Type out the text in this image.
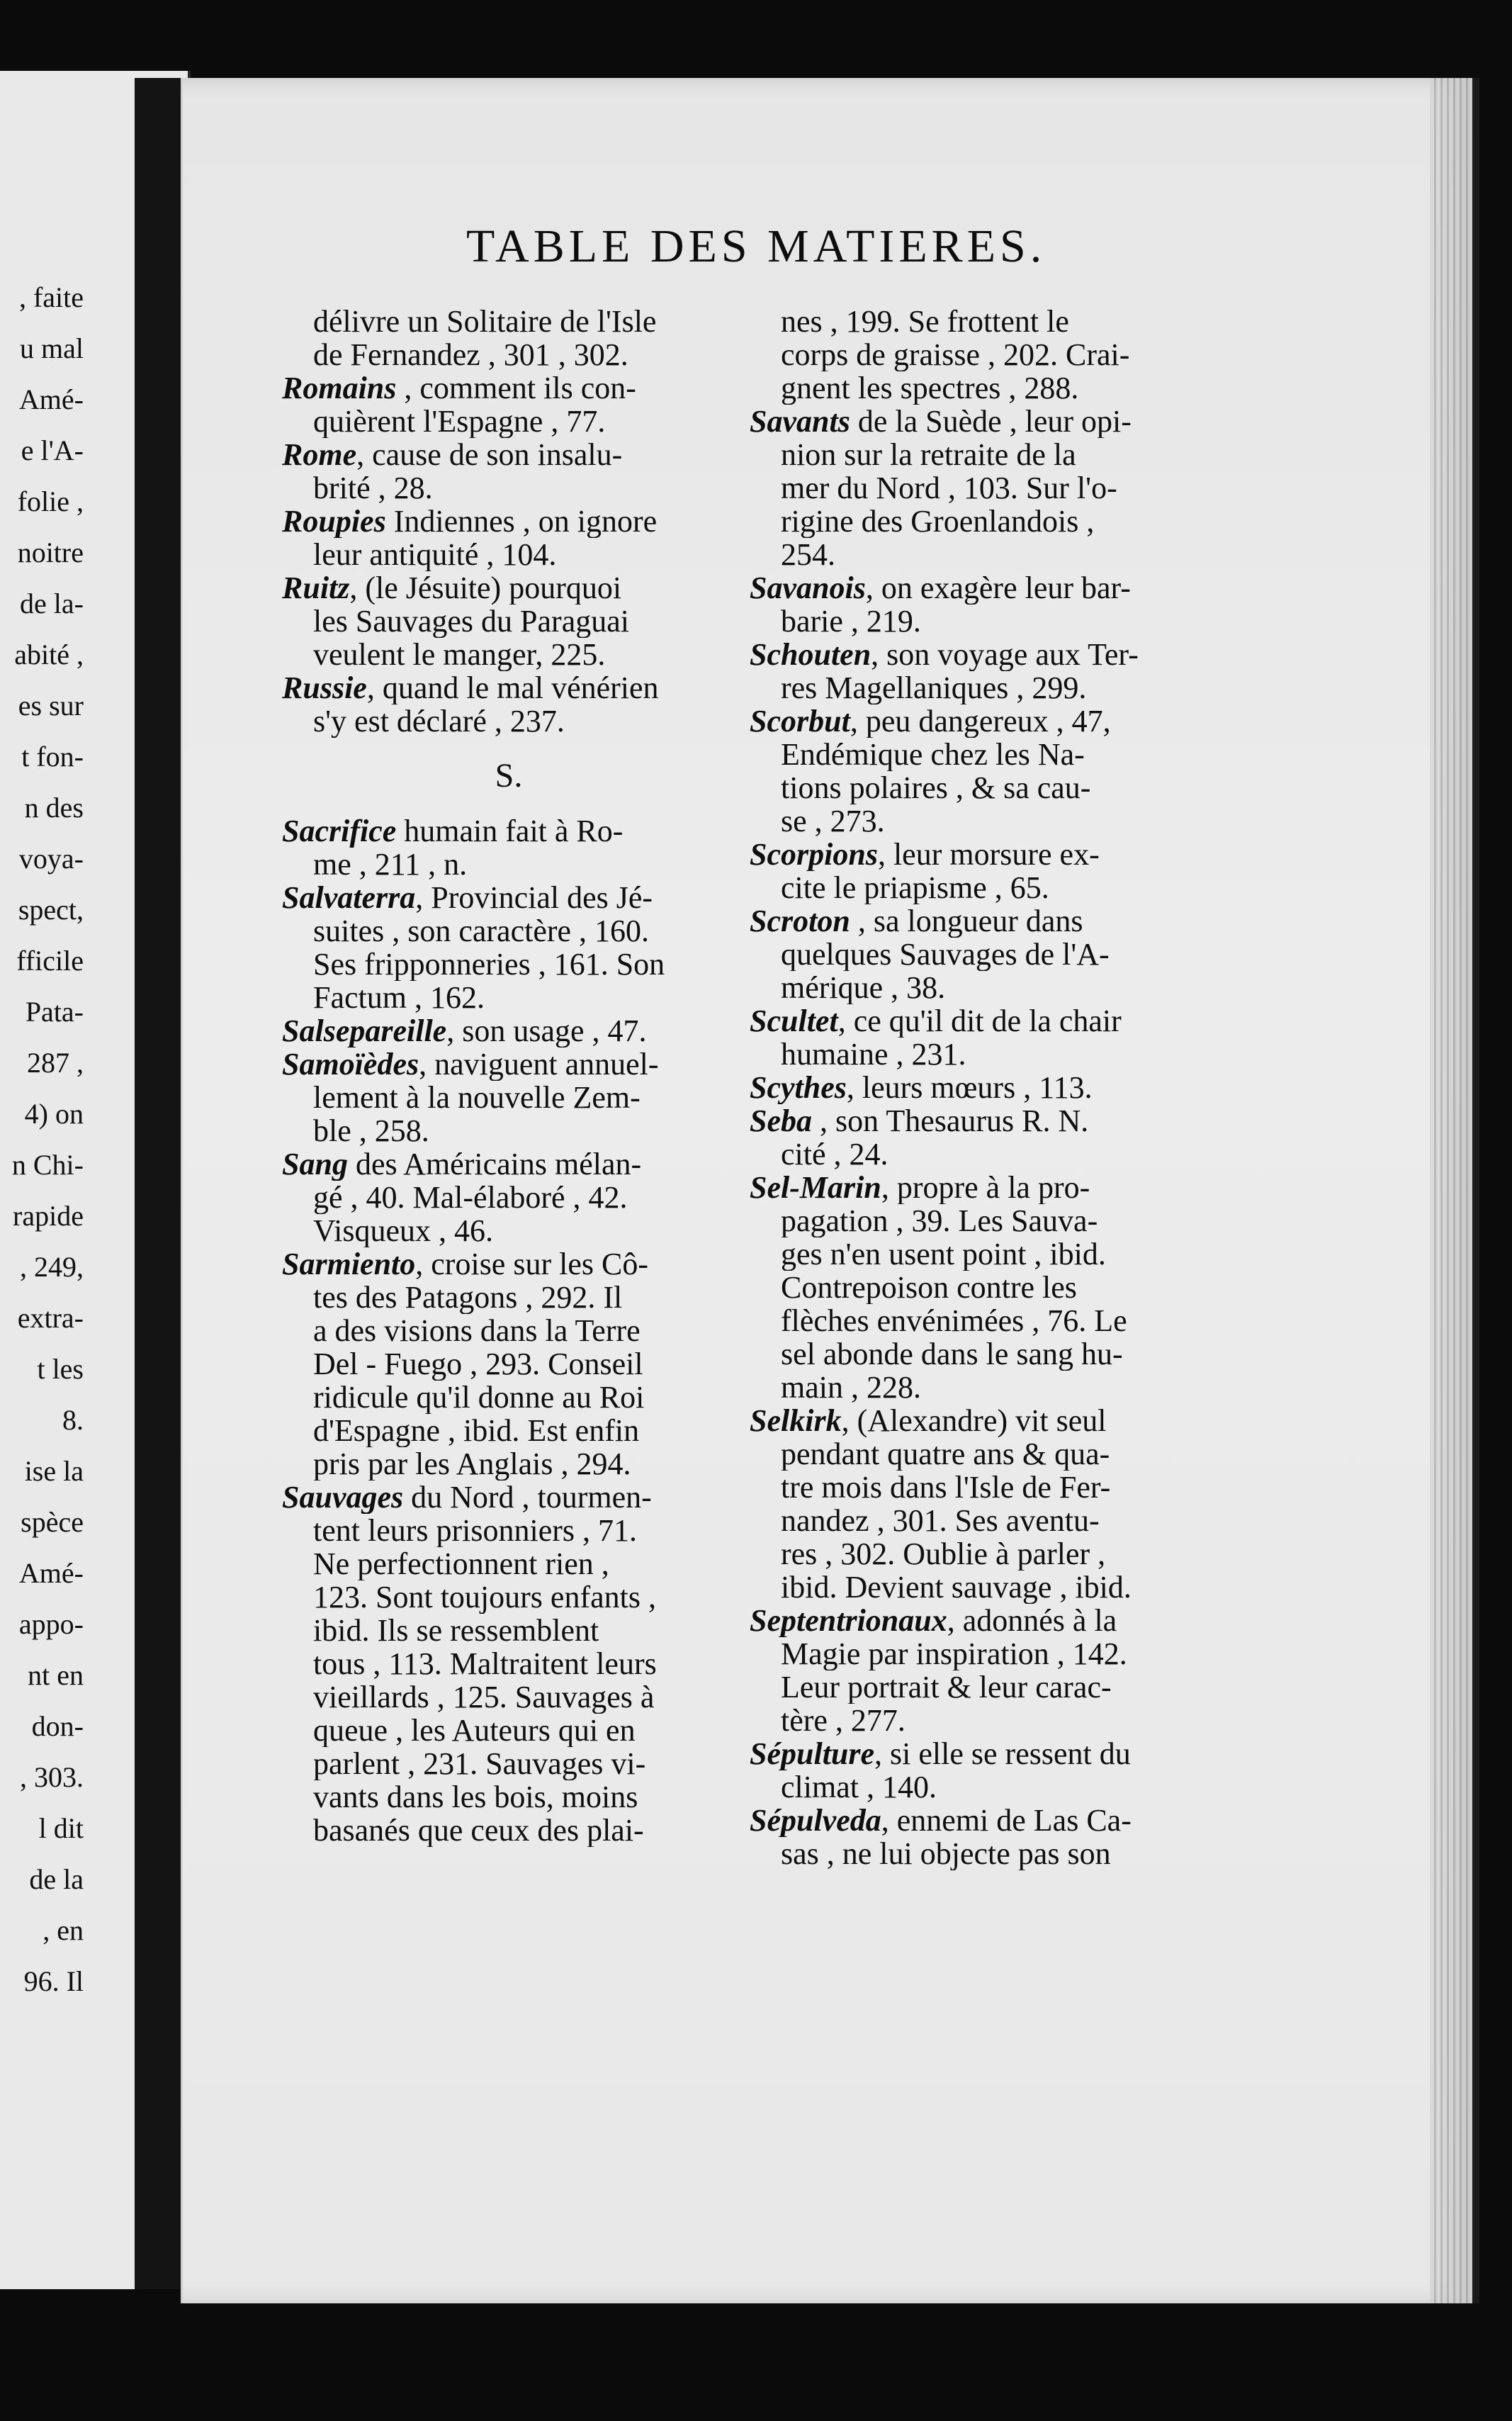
, faite
u mal
Amé-
e l'A-
folie ,
noitre
de la-
abité ,
es sur
t fon-
n des
voya-
spect,
fficile
Pata-
287 ,
4) on
n Chi-
rapide
, 249,
extra-
t les
8.
ise la
spèce
Amé-
appo-
nt en
don-
, 303.
l dit
de la
, en
96. Il
TABLE DES MATIERES.
délivre un Solitaire de l'Isle
de Fernandez , 301 , 302.
Romains , comment ils con-
quièrent l'Espagne , 77.
Rome, cause de son insalu-
brité , 28.
Roupies Indiennes , on ignore
leur antiquité , 104.
Ruitz, (le Jésuite) pourquoi
les Sauvages du Paraguai
veulent le manger, 225.
Russie, quand le mal vénérien
s'y est déclaré , 237.
S.
Sacrifice humain fait à Ro-
me , 211 , n.
Salvaterra, Provincial des Jé-
suites , son caractère , 160.
Ses fripponneries , 161. Son
Factum , 162.
Salsepareille, son usage , 47.
Samoïèdes, naviguent annuel-
lement à la nouvelle Zem-
ble , 258.
Sang des Américains mélan-
gé , 40. Mal-élaboré , 42.
Visqueux , 46.
Sarmiento, croise sur les Cô-
tes des Patagons , 292. Il
a des visions dans la Terre
Del - Fuego , 293. Conseil
ridicule qu'il donne au Roi
d'Espagne , ibid. Est enfin
pris par les Anglais , 294.
Sauvages du Nord , tourmen-
tent leurs prisonniers , 71.
Ne perfectionnent rien ,
123. Sont toujours enfants ,
ibid. Ils se ressemblent
tous , 113. Maltraitent leurs
vieillards , 125. Sauvages à
queue , les Auteurs qui en
parlent , 231. Sauvages vi-
vants dans les bois, moins
basanés que ceux des plai-
nes , 199. Se frottent le
corps de graisse , 202. Crai-
gnent les spectres , 288.
Savants de la Suède , leur opi-
nion sur la retraite de la
mer du Nord , 103. Sur l'o-
rigine des Groenlandois ,
254.
Savanois, on exagère leur bar-
barie , 219.
Schouten, son voyage aux Ter-
res Magellaniques , 299.
Scorbut, peu dangereux , 47,
Endémique chez les Na-
tions polaires , & sa cau-
se , 273.
Scorpions, leur morsure ex-
cite le priapisme , 65.
Scroton , sa longueur dans
quelques Sauvages de l'A-
mérique , 38.
Scultet, ce qu'il dit de la chair
humaine , 231.
Scythes, leurs mœurs , 113.
Seba , son Thesaurus R. N.
cité , 24.
Sel-Marin, propre à la pro-
pagation , 39. Les Sauva-
ges n'en usent point , ibid.
Contrepoison contre les
flèches envénimées , 76. Le
sel abonde dans le sang hu-
main , 228.
Selkirk, (Alexandre) vit seul
pendant quatre ans & qua-
tre mois dans l'Isle de Fer-
nandez , 301. Ses aventu-
res , 302. Oublie à parler ,
ibid. Devient sauvage , ibid.
Septentrionaux, adonnés à la
Magie par inspiration , 142.
Leur portrait & leur carac-
tère , 277.
Sépulture, si elle se ressent du
climat , 140.
Sépulveda, ennemi de Las Ca-
sas , ne lui objecte pas son
